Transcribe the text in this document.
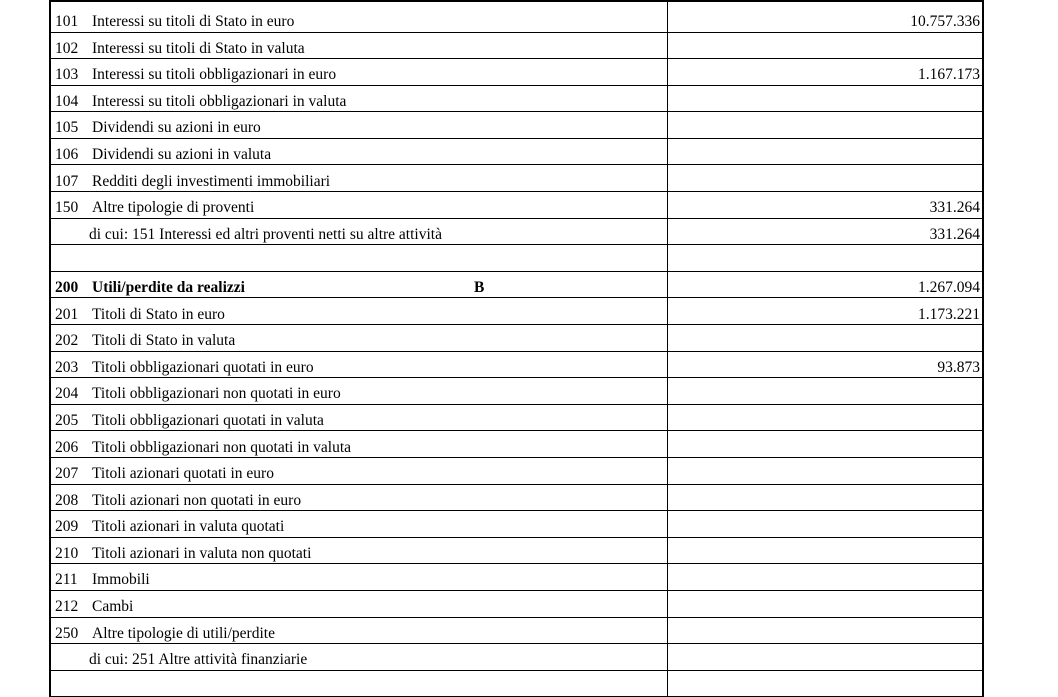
101 Interessi su titoli di Stato in euro	10.757.336
102 Interessi su titoli di Stato in valuta	
103 Interessi su titoli obbligazionari in euro	1.167.173
104 Interessi su titoli obbligazionari in valuta	
105 Dividendi su azioni in euro	
106 Dividendi su azioni in valuta	
107 Redditi degli investimenti immobiliari	
150 Altre tipologie di proventi	331.264
di cui: 151 Interessi ed altri proventi netti su altre attività	331.264

200 Utili/perdite da realizzi B	1.267.094
201 Titoli di Stato in euro	1.173.221
202 Titoli di Stato in valuta	
203 Titoli obbligazionari quotati in euro	93.873
204 Titoli obbligazionari non quotati in euro	
205 Titoli obbligazionari quotati in valuta	
206 Titoli obbligazionari non quotati in valuta	
207 Titoli azionari quotati in euro	
208 Titoli azionari non quotati in euro	
209 Titoli azionari in valuta quotati	
210 Titoli azionari in valuta non quotati	
211 Immobili	
212 Cambi	
250 Altre tipologie di utili/perdite	
di cui: 251 Altre attività finanziarie	
